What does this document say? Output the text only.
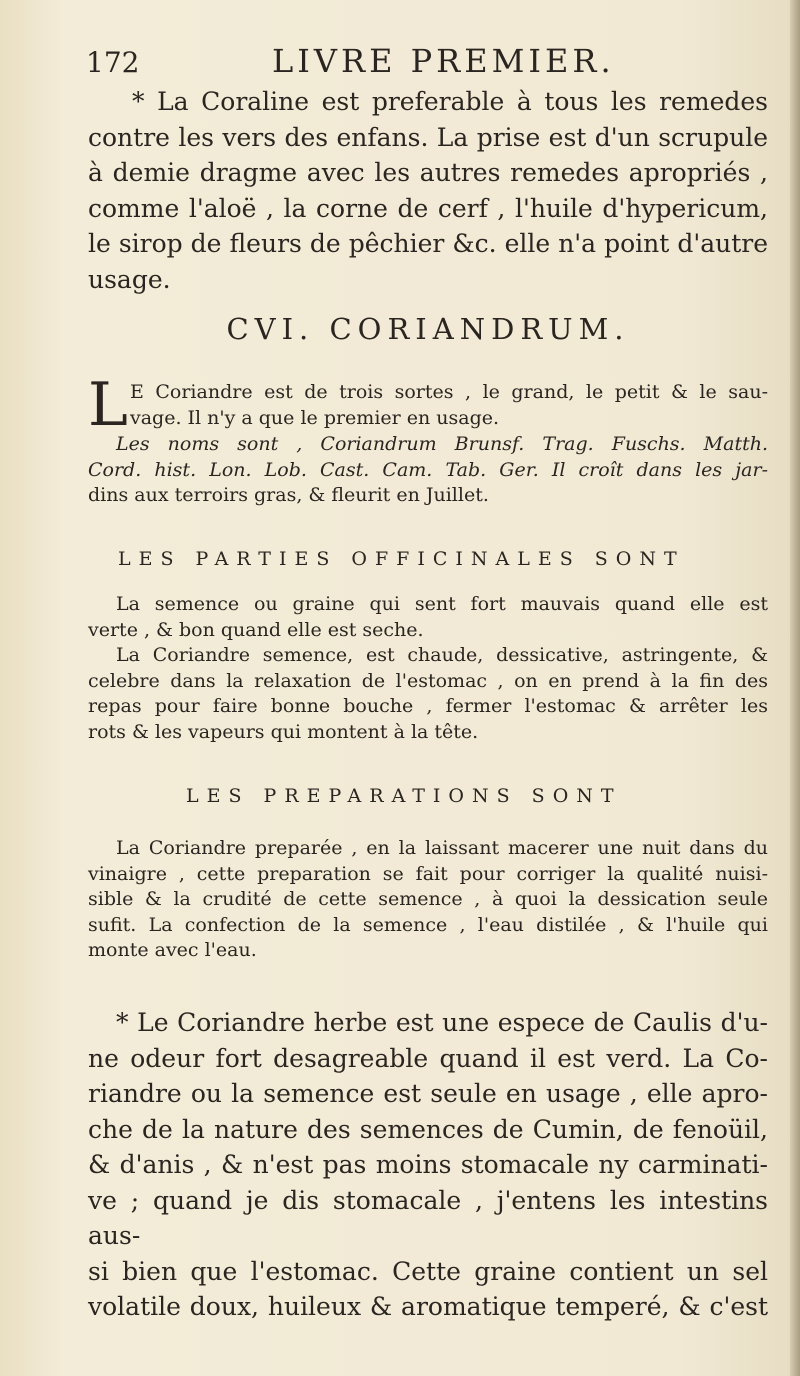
172	LIVRE PREMIER.
* La Coraline est preferable à tous les remedes
contre les vers des enfans. La prise est d'un scrupule
à demie dragme avec les autres remedes apropriés ,
comme l'aloë , la corne de cerf , l'huile d'hypericum,
le sirop de fleurs de pêchier &c. elle n'a point d'autre
usage.
CVI. CORIANDRUM.
L E Coriandre est de trois sortes , le grand, le petit & le sau-
vage. Il n'y a que le premier en usage.
Les noms sont , Coriandrum Brunsf. Trag. Fuschs. Matth.
Cord. hist. Lon. Lob. Cast. Cam. Tab. Ger. Il croît dans les jar-
dins aux terroirs gras, & fleurit en Juillet.
LES PARTIES OFFICINALES SONT
La semence ou graine qui sent fort mauvais quand elle est
verte , & bon quand elle est seche.
La Coriandre semence, est chaude, dessicative, astringente, &
celebre dans la relaxation de l'estomac , on en prend à la fin des
repas pour faire bonne bouche , fermer l'estomac & arrêter les
rots & les vapeurs qui montent à la tête.
LES PREPARATIONS SONT
La Coriandre preparée , en la laissant macerer une nuit dans du
vinaigre , cette preparation se fait pour corriger la qualité nuisi-
sible & la crudité de cette semence , à quoi la dessication seule
sufit. La confection de la semence , l'eau distilée , & l'huile qui
monte avec l'eau.
* Le Coriandre herbe est une espece de Caulis d'u-
ne odeur fort desagreable quand il est verd. La Co-
riandre ou la semence est seule en usage , elle apro-
che de la nature des semences de Cumin, de fenoüil,
& d'anis , & n'est pas moins stomacale ny carminati-
ve ; quand je dis stomacale , j'entens les intestins aus-
si bien que l'estomac. Cette graine contient un sel
volatile doux, huileux & aromatique temperé, & c'est
